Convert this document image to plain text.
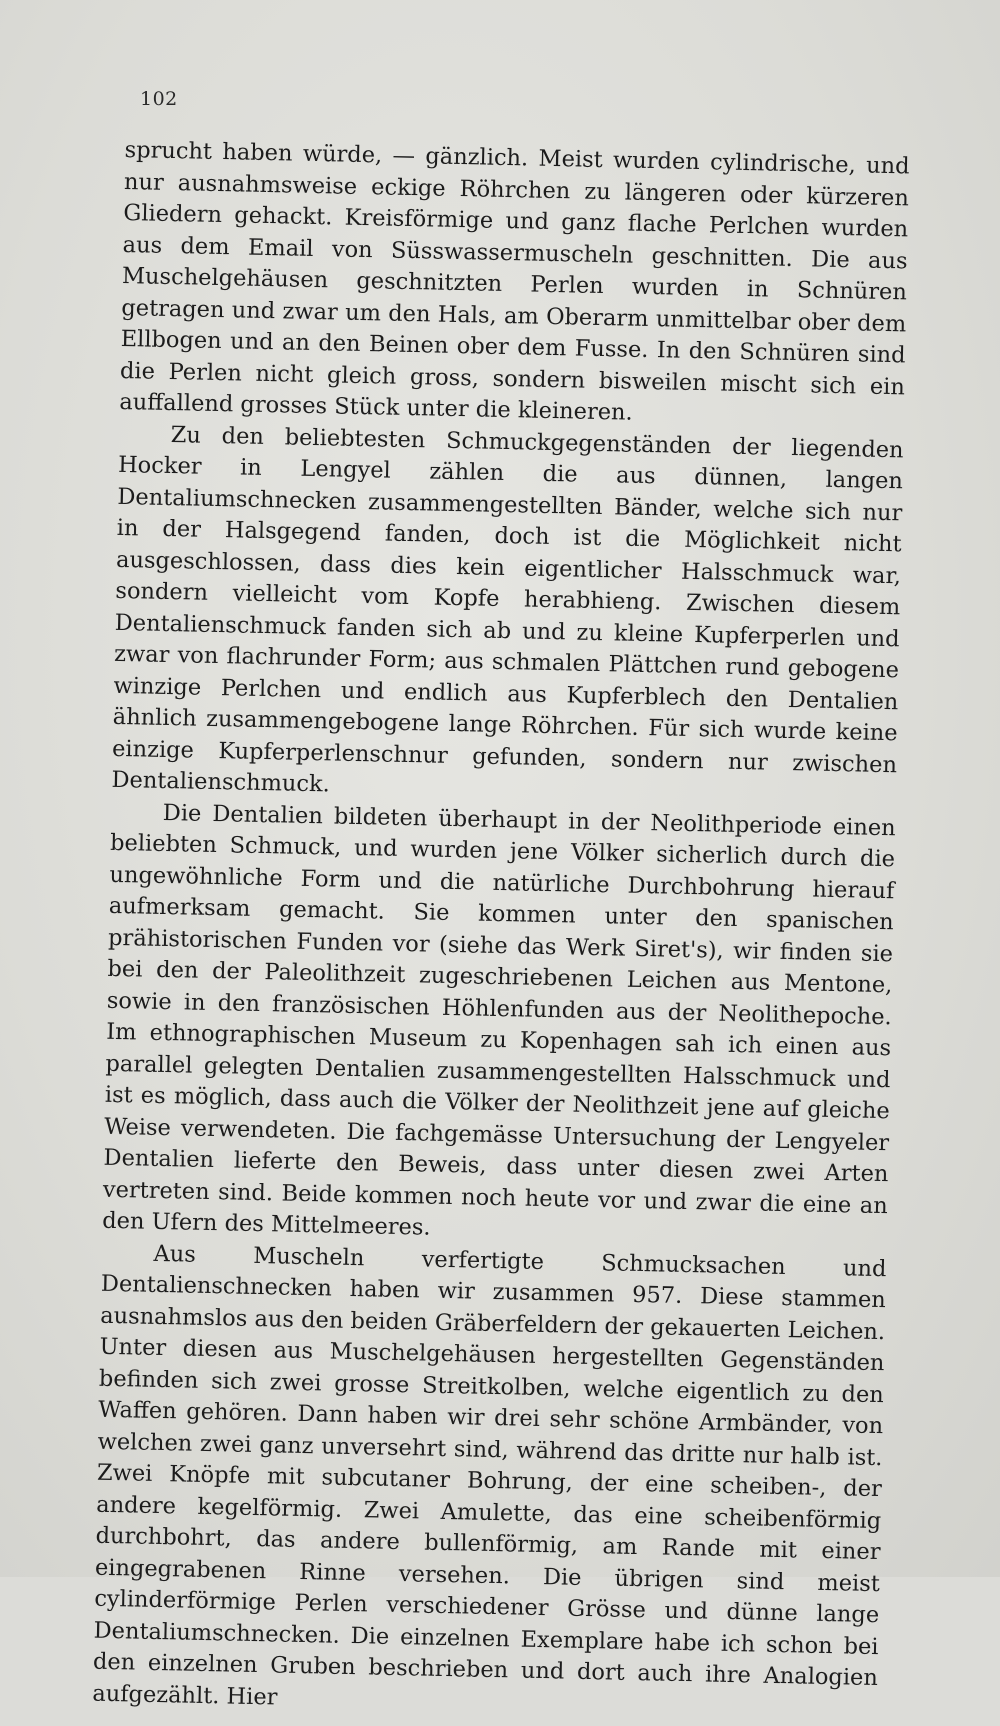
102

sprucht haben würde, — gänzlich. Meist wurden cylindrische, und nur ausnahmsweise eckige Röhrchen zu längeren oder kürzeren Gliedern gehackt. Kreisförmige und ganz flache Perlchen wurden aus dem Email von Süsswassermuscheln geschnitten. Die aus Muschelgehäusen geschnitzten Perlen wurden in Schnüren getragen und zwar um den Hals, am Oberarm unmittelbar ober dem Ellbogen und an den Beinen ober dem Fusse. In den Schnüren sind die Perlen nicht gleich gross, sondern bisweilen mischt sich ein auffallend grosses Stück unter die kleineren.

Zu den beliebtesten Schmuckgegenständen der liegenden Hocker in Lengyel zählen die aus dünnen, langen Dentaliumschnecken zusammengestellten Bänder, welche sich nur in der Halsgegend fanden, doch ist die Möglichkeit nicht ausgeschlossen, dass dies kein eigentlicher Halsschmuck war, sondern vielleicht vom Kopfe herabhieng. Zwischen diesem Dentalienschmuck fanden sich ab und zu kleine Kupferperlen und zwar von flachrunder Form; aus schmalen Plättchen rund gebogene winzige Perlchen und endlich aus Kupferblech den Dentalien ähnlich zusammengebogene lange Röhrchen. Für sich wurde keine einzige Kupferperlenschnur gefunden, sondern nur zwischen Dentalienschmuck.

Die Dentalien bildeten überhaupt in der Neolithperiode einen beliebten Schmuck, und wurden jene Völker sicherlich durch die ungewöhnliche Form und die natürliche Durchbohrung hierauf aufmerksam gemacht. Sie kommen unter den spanischen prähistorischen Funden vor (siehe das Werk Siret's), wir finden sie bei den der Paleolithzeit zugeschriebenen Leichen aus Mentone, sowie in den französischen Höhlenfunden aus der Neolithepoche. Im ethnographischen Museum zu Kopenhagen sah ich einen aus parallel gelegten Dentalien zusammengestellten Halsschmuck und ist es möglich, dass auch die Völker der Neolithzeit jene auf gleiche Weise verwendeten. Die fachgemässe Untersuchung der Lengyeler Dentalien lieferte den Beweis, dass unter diesen zwei Arten vertreten sind. Beide kommen noch heute vor und zwar die eine an den Ufern des Mittelmeeres.

Aus Muscheln verfertigte Schmucksachen und Dentalienschnecken haben wir zusammen 957. Diese stammen ausnahmslos aus den beiden Gräberfeldern der gekauerten Leichen. Unter diesen aus Muschelgehäusen hergestellten Gegenständen befinden sich zwei grosse Streitkolben, welche eigentlich zu den Waffen gehören. Dann haben wir drei sehr schöne Armbänder, von welchen zwei ganz unversehrt sind, während das dritte nur halb ist. Zwei Knöpfe mit subcutaner Bohrung, der eine scheiben-, der andere kegelförmig. Zwei Amulette, das eine scheibenförmig durchbohrt, das andere bullenförmig, am Rande mit einer eingegrabenen Rinne versehen. Die übrigen sind meist cylinderförmige Perlen verschiedener Grösse und dünne lange Dentaliumschnecken. Die einzelnen Exemplare habe ich schon bei den einzelnen Gruben beschrieben und dort auch ihre Analogien aufgezählt. Hier
